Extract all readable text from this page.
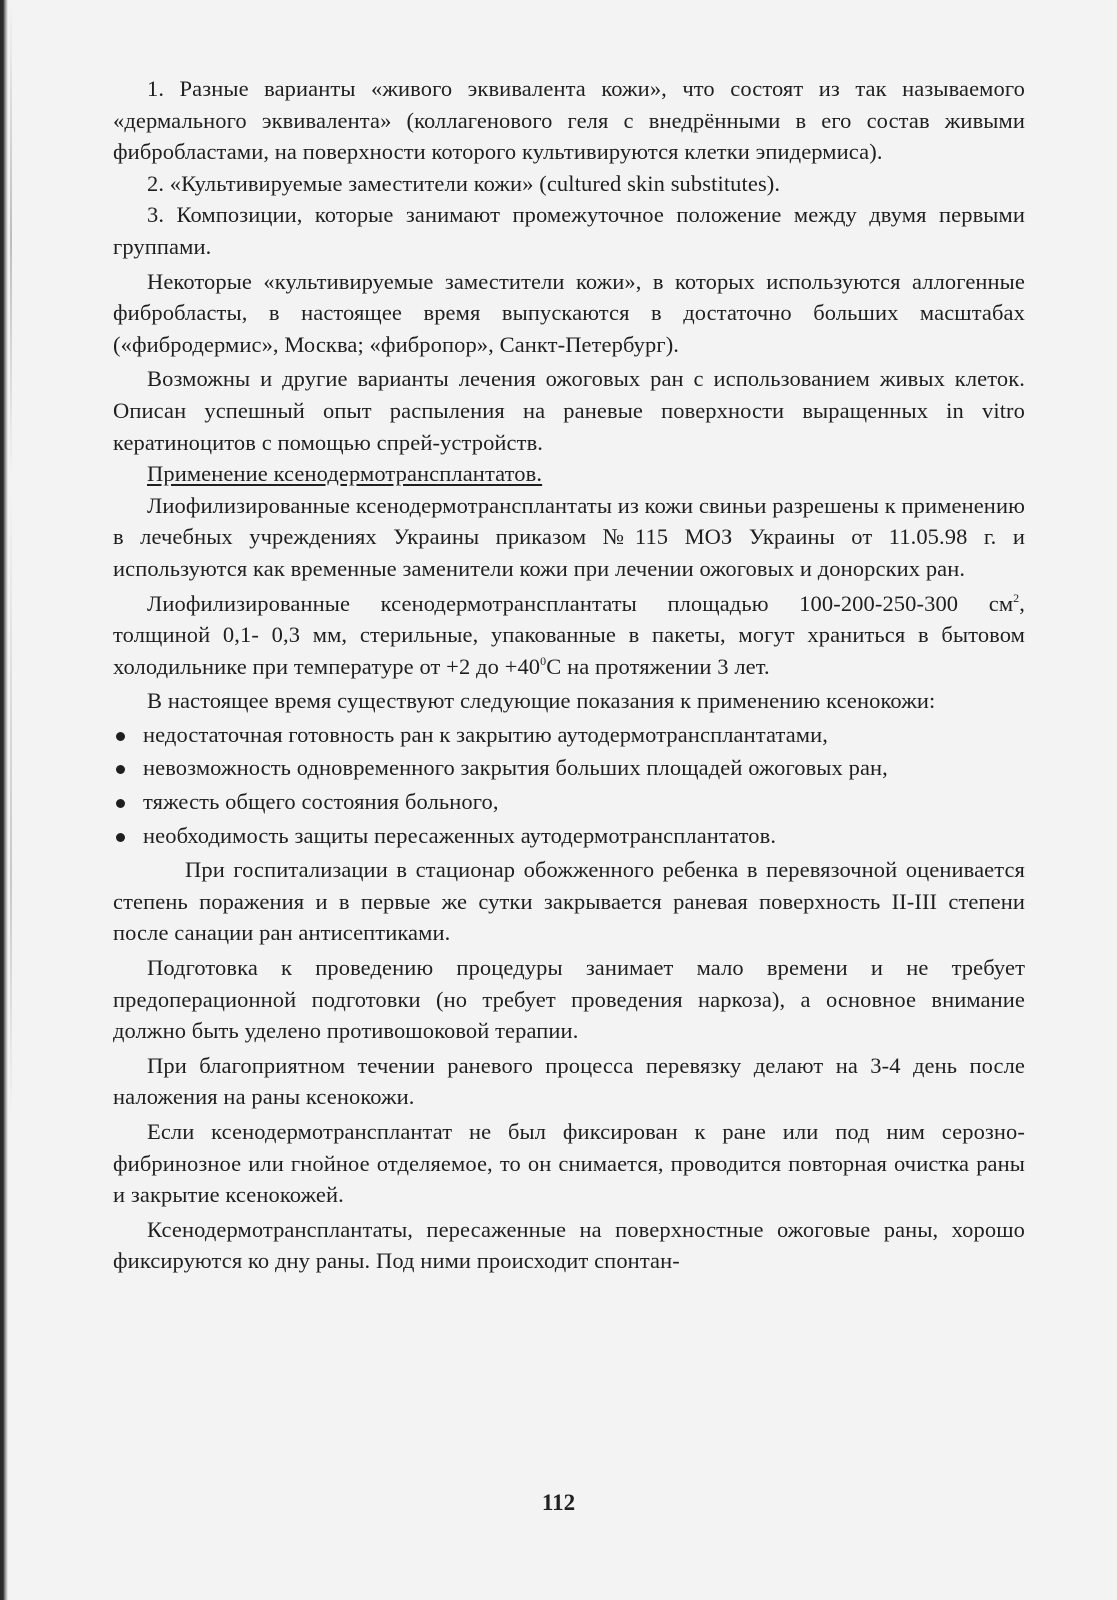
1. Разные варианты «живого эквивалента кожи», что состоят из так называемого «дермального эквивалента» (коллагенового геля с внедрёнными в его состав живыми фибробластами, на поверхности которого культивируются клетки эпидермиса).

2. «Культивируемые заместители кожи» (cultured skin substitutes).

3. Композиции, которые занимают промежуточное положение между двумя первыми группами.

Некоторые «культивируемые заместители кожи», в которых используются аллогенные фибробласты, в настоящее время выпускаются в достаточно больших масштабах («фибродермис», Москва; «фибропор», Санкт-Петербург).

Возможны и другие варианты лечения ожоговых ран с использованием живых клеток. Описан успешный опыт распыления на раневые поверхности выращенных in vitro кератиноцитов с помощью спрей-устройств.

Применение ксенодермотрансплантатов.

Лиофилизированные ксенодермотрансплантаты из кожи свиньи разрешены к применению в лечебных учреждениях Украины приказом №115 МОЗ Украины от 11.05.98 г. и используются как временные заменители кожи при лечении ожоговых и донорских ран.

Лиофилизированные ксенодермотрансплантаты площадью 100-200-250-300 $см^2$, толщиной 0,1- 0,3 мм, стерильные, упакованные в пакеты, могут храниться в бытовом холодильнике при температуре от +2 до $+40^0С$ на протяжении 3 лет.

В настоящее время существуют следующие показания к применению ксенокожи:

недостаточная готовность ран к закрытию аутодермотрансплантатами,
невозможность одновременного закрытия больших площадей ожоговых ран,
тяжесть общего состояния больного,
необходимость защиты пересаженных аутодермотрансплантатов.

При госпитализации в стационар обожженного ребенка в перевязочной оценивается степень поражения и в первые же сутки закрывается раневая поверхность II-III степени после санации ран антисептиками.

Подготовка к проведению процедуры занимает мало времени и не требует предоперационной подготовки (но требует проведения наркоза), а основное внимание должно быть уделено противошоковой терапии.

При благоприятном течении раневого процесса перевязку делают на 3-4 день после наложения на раны ксенокожи.

Если ксенодермотрансплантат не был фиксирован к ране или под ним серозно-фибринозное или гнойное отделяемое, то он снимается, проводится повторная очистка раны и закрытие ксенокожей.

Ксенодермотрансплантаты, пересаженные на поверхностные ожоговые раны, хорошо фиксируются ко дну раны. Под ними происходит спонтан-

112
